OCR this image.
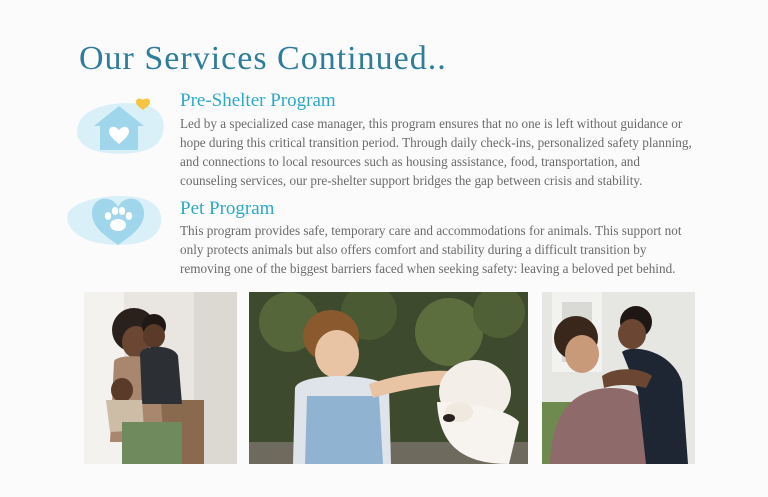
Our Services Continued..
Pre-Shelter Program

Led by a specialized case manager, this program ensures that no one is left without guidance or hope during this critical transition period. Through daily check-ins, personalized safety planning, and connections to local resources such as housing assistance, food, transportation, and counseling services, our pre-shelter support bridges the gap between crisis and stability.

Pet Program

This program provides safe, temporary care and accommodations for animals. This support not only protects animals but also offers comfort and stability during a difficult transition by removing one of the biggest barriers faced when seeking safety: leaving a beloved pet behind.
